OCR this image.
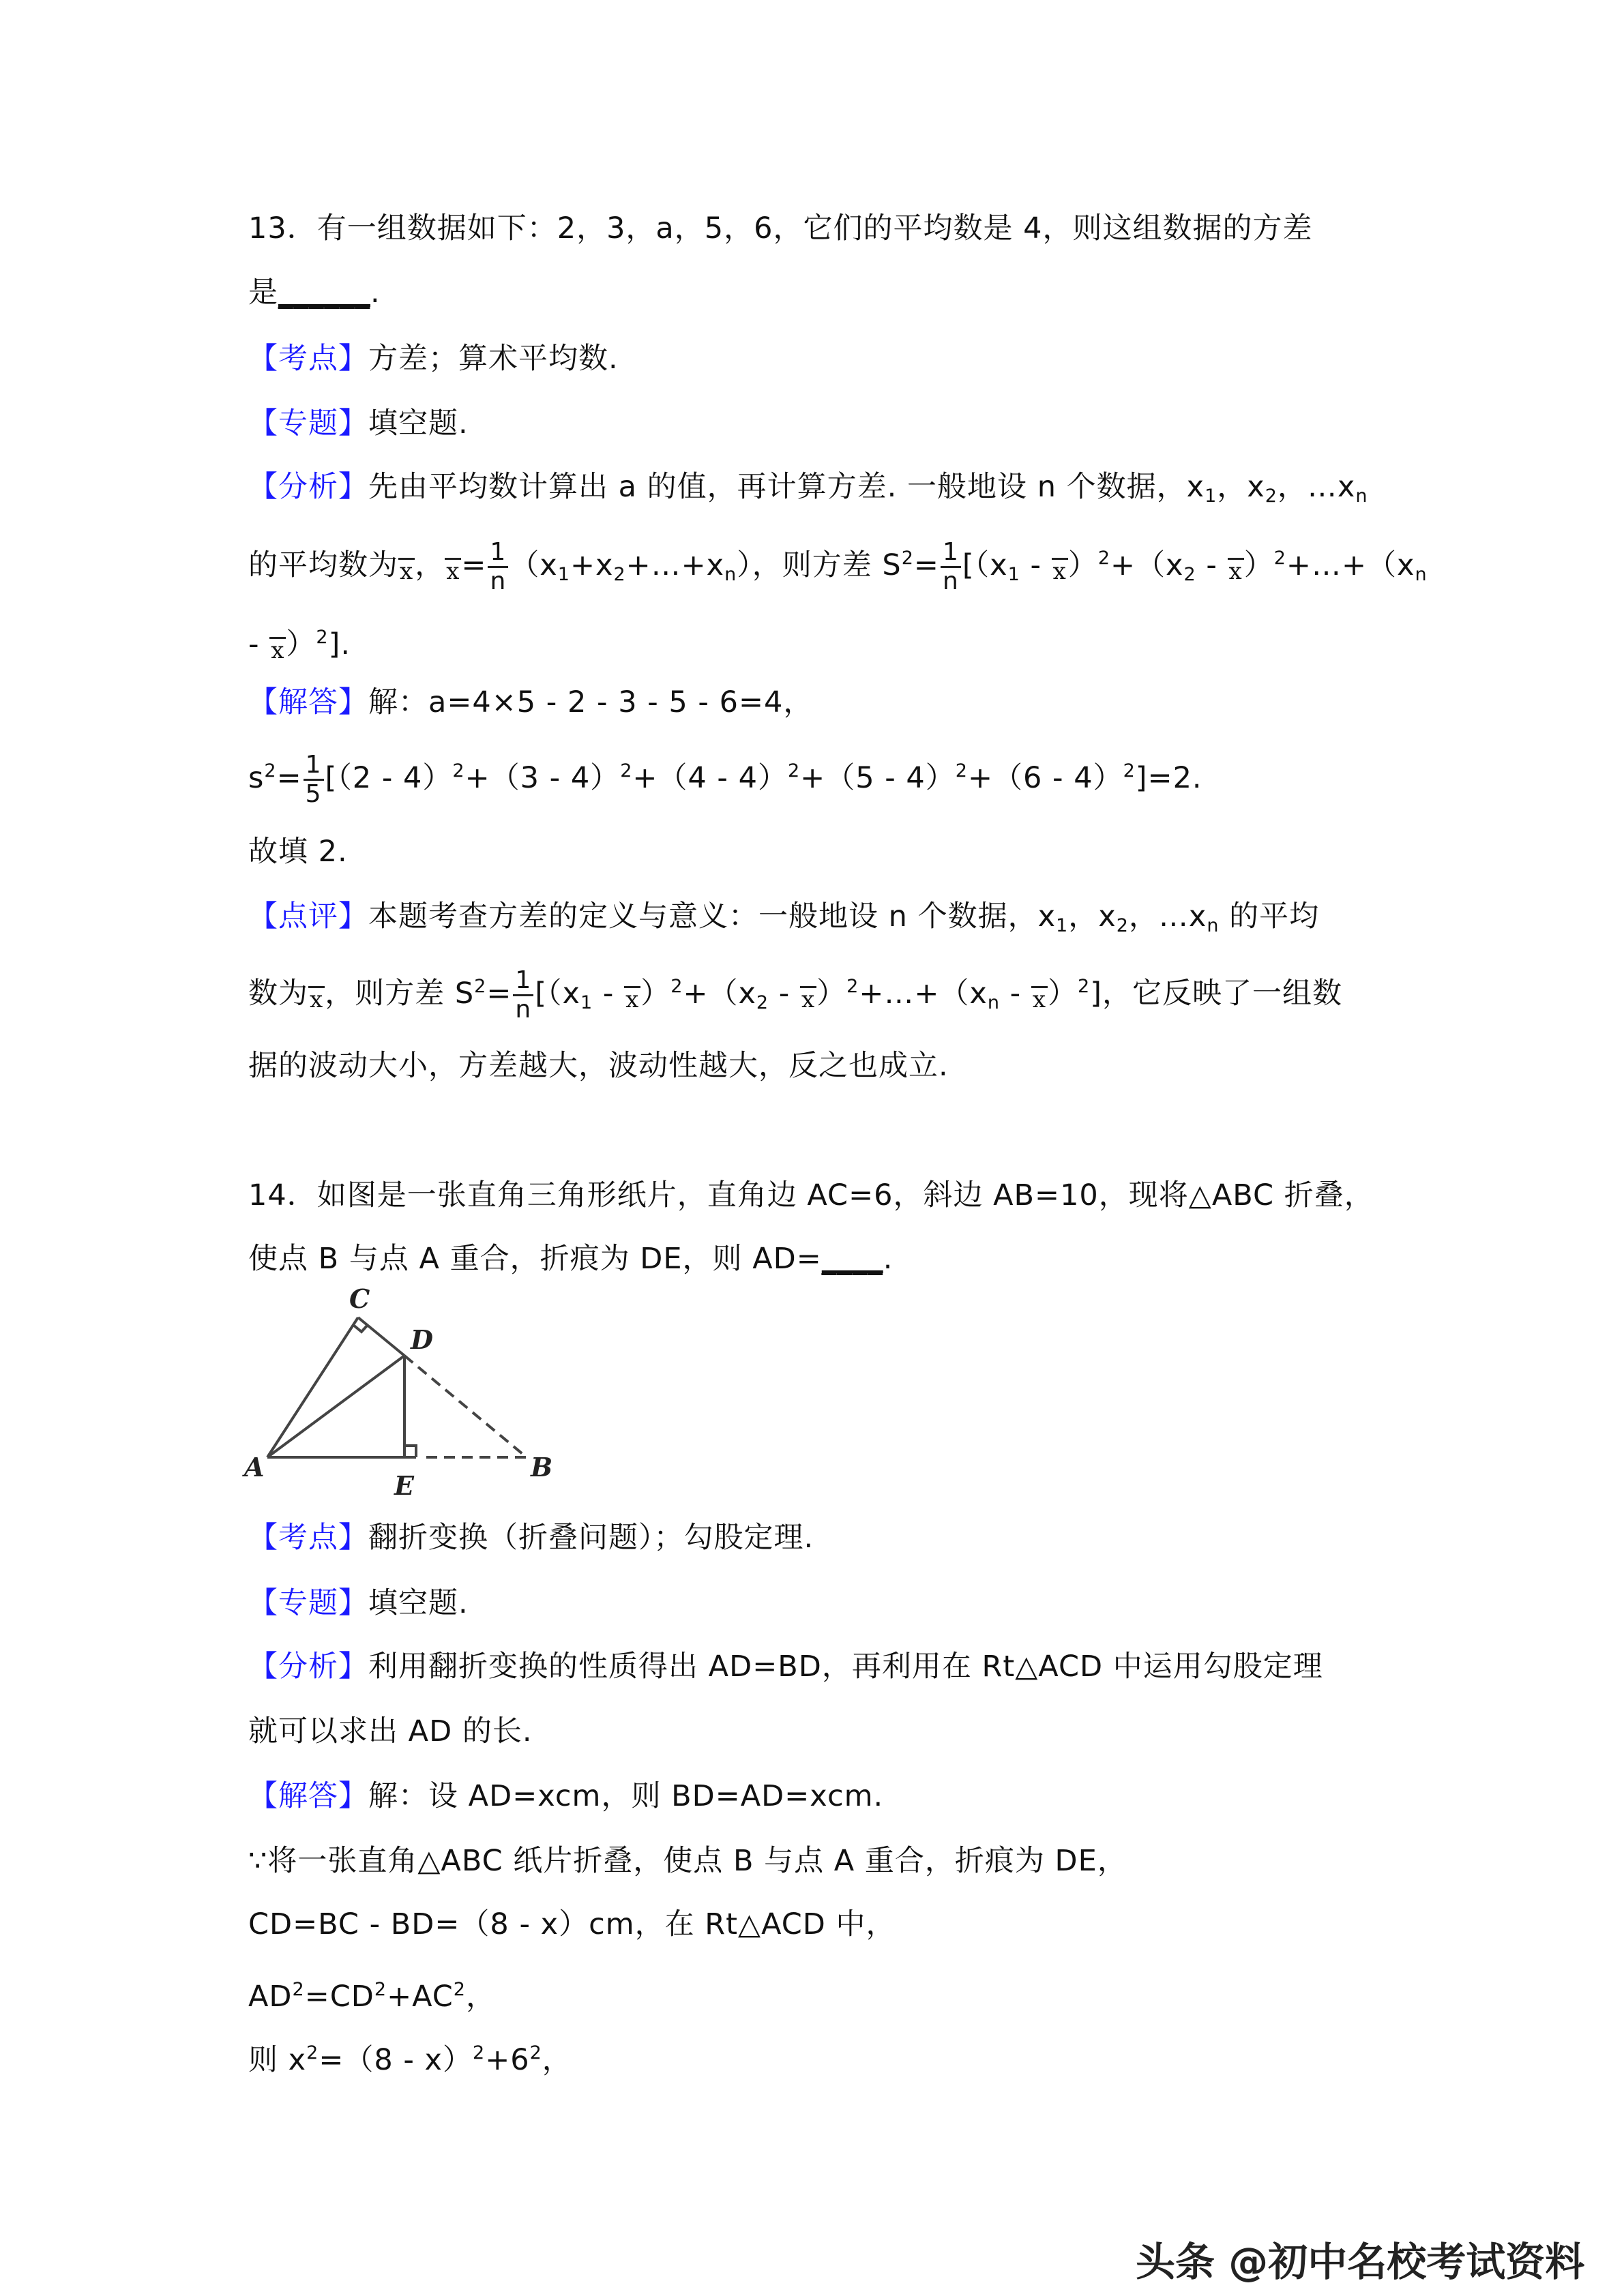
13．有一组数据如下：2，3，a，5，6，它们的平均数是 4，则这组数据的方差
是______.
【考点】方差；算术平均数.
【专题】填空题.
【分析】先由平均数计算出 a 的值，再计算方差. 一般地设 n 个数据，$x_1$，$x_2$，$\dots x_n$
的平均数为x，$x= \frac{1}{n}$ $(x_1+x_2+\dots+x_n)$，则方差 $S^2= \frac{1}{n} [(x_1 - x)^2+(x_2$ - $x)^2+\dots+(x_n$
- x）$^2$].
【解答】解：a=4×5 - 2 - 3 - 5 - 6=4，
$s^2= \frac{1}{5} [(2 - 4)^2+(3 - 4)^2+(4 - 4)^2+(5 - 4)^2+(6 - 4)^2]=2$.
故填 2.
【点评】本题考查方差的定义与意义：一般地设 n 个数据，$x_1$，$x_2$，$\dots x_n$ 的平均
数为x，则方差 $S^2= \frac{1}{n} [(x_1 - x)^2+(x_2$ - $x)^2+\dots+(x_n - x)^2$]，它反映了一组数
据的波动大小，方差越大，波动性越大，反之也成立.
14．如图是一张直角三角形纸片，直角边 AC=6，斜边 AB=10，现将△ABC 折叠，
使点 B 与点 A 重合，折痕为 DE，则 AD=____.
【考点】翻折变换（折叠问题）；勾股定理.
【专题】填空题.
【分析】利用翻折变换的性质得出 AD=BD，再利用在 Rt△ACD 中运用勾股定理
就可以求出 AD 的长.
【解答】解：设 AD=xcm，则 BD=AD=xcm.
∵将一张直角△ABC 纸片折叠，使点 B 与点 A 重合，折痕为 DE，
CD=BC - BD=（8 - x）cm，在 Rt△ACD 中，
$AD^2=CD^2+AC^2$，
则 $x^2=(8 - x)^2+6^2$，
C
D
A
E
B
头条 @初中名校考试资料
